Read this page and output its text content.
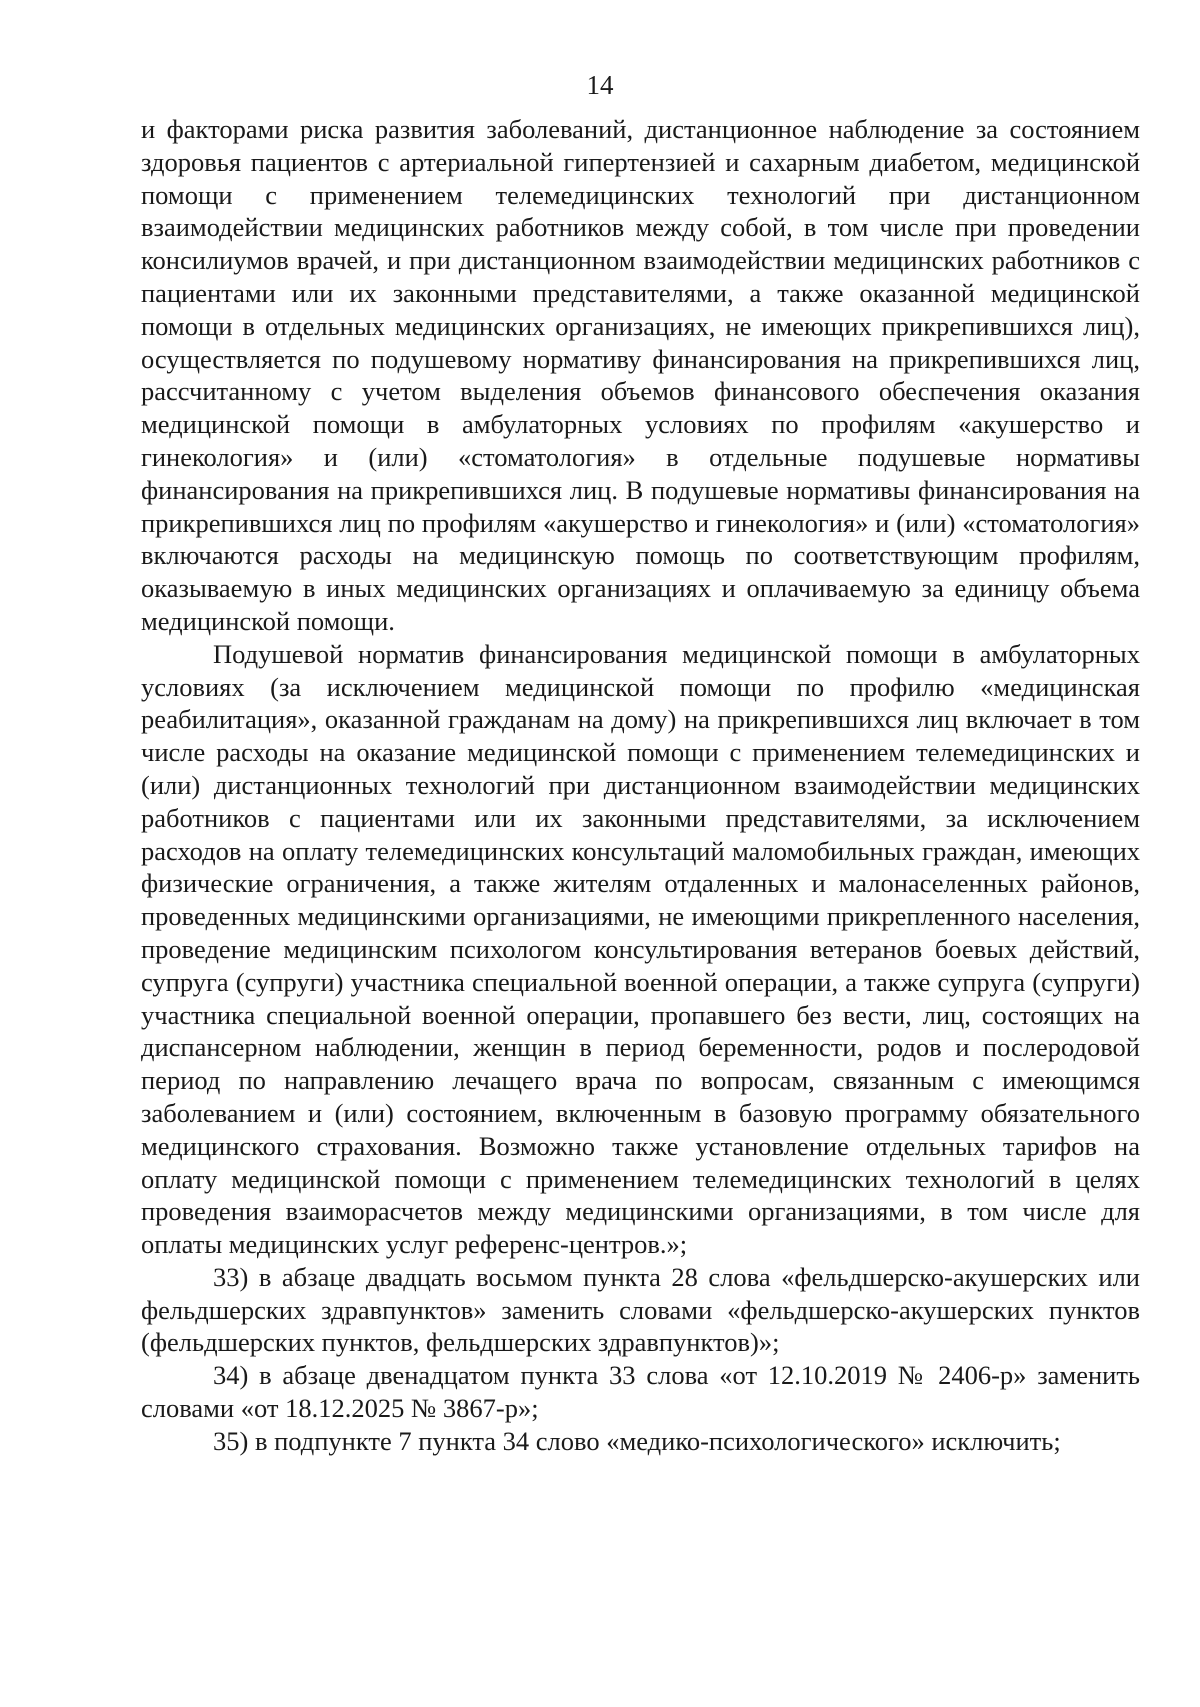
14

и факторами риска развития заболеваний, дистанционное наблюдение за состоянием здоровья пациентов с артериальной гипертензией и сахарным диабетом, медицинской помощи с применением телемедицинских технологий при дистанционном взаимодействии медицинских работников между собой, в том числе при проведении консилиумов врачей, и при дистанционном взаимодействии медицинских работников с пациентами или их законными представителями, а также оказанной медицинской помощи в отдельных медицинских организациях, не имеющих прикрепившихся лиц), осуществляется по подушевому нормативу финансирования на прикрепившихся лиц, рассчитанному с учетом выделения объемов финансового обеспечения оказания медицинской помощи в амбулаторных условиях по профилям «акушерство и гинекология» и (или) «стоматология» в отдельные подушевые нормативы финансирования на прикрепившихся лиц. В подушевые нормативы финансирования на прикрепившихся лиц по профилям «акушерство и гинекология» и (или) «стоматология» включаются расходы на медицинскую помощь по соответствующим профилям, оказываемую в иных медицинских организациях и оплачиваемую за единицу объема медицинской помощи.

Подушевой норматив финансирования медицинской помощи в амбулаторных условиях (за исключением медицинской помощи по профилю «медицинская реабилитация», оказанной гражданам на дому) на прикрепившихся лиц включает в том числе расходы на оказание медицинской помощи с применением телемедицинских и (или) дистанционных технологий при дистанционном взаимодействии медицинских работников с пациентами или их законными представителями, за исключением расходов на оплату телемедицинских консультаций маломобильных граждан, имеющих физические ограничения, а также жителям отдаленных и малонаселенных районов, проведенных медицинскими организациями, не имеющими прикрепленного населения, проведение медицинским психологом консультирования ветеранов боевых действий, супруга (супруги) участника специальной военной операции, а также супруга (супруги) участника специальной военной операции, пропавшего без вести, лиц, состоящих на диспансерном наблюдении, женщин в период беременности, родов и послеродовой период по направлению лечащего врача по вопросам, связанным с имеющимся заболеванием и (или) состоянием, включенным в базовую программу обязательного медицинского страхования. Возможно также установление отдельных тарифов на оплату медицинской помощи с применением телемедицинских технологий в целях проведения взаиморасчетов между медицинскими организациями, в том числе для оплаты медицинских услуг референс-центров.»;

33) в абзаце двадцать восьмом пункта 28 слова «фельдшерско-акушерских или фельдшерских здравпунктов» заменить словами «фельдшерско-акушерских пунктов (фельдшерских пунктов, фельдшерских здравпунктов)»;

34) в абзаце двенадцатом пункта 33 слова «от 12.10.2019 № 2406-р» заменить словами «от 18.12.2025 № 3867-р»;

35) в подпункте 7 пункта 34 слово «медико-психологического» исключить;
